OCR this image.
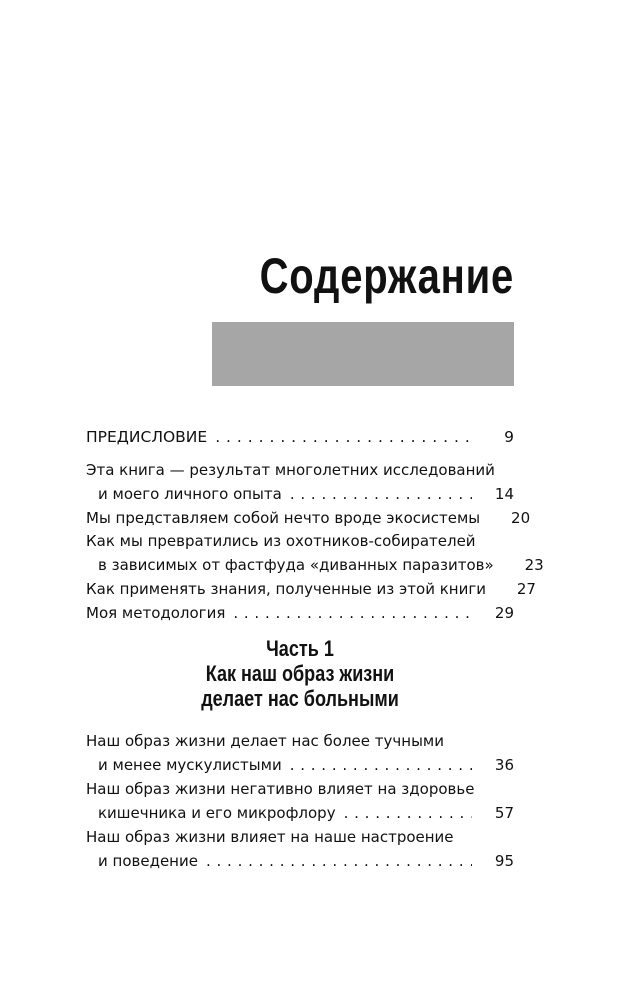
Содержание
ПРЕДИСЛОВИЕ . . .	9
Эта книга — результат многолетних исследований
и моего личного опыта . . .	14
Мы представляем собой нечто вроде экосистемы	20
Как мы превратились из охотников-собирателей
в зависимых от фастфуда «диванных паразитов»	23
Как применять знания, полученные из этой книги	27
Моя методология . . .	29
Часть 1
Как наш образ жизни
делает нас больными
Наш образ жизни делает нас более тучными
и менее мускулистыми . . .	36
Наш образ жизни негативно влияет на здоровье
кишечника и его микрофлору . . .	57
Наш образ жизни влияет на наше настроение
и поведение . . .	95
